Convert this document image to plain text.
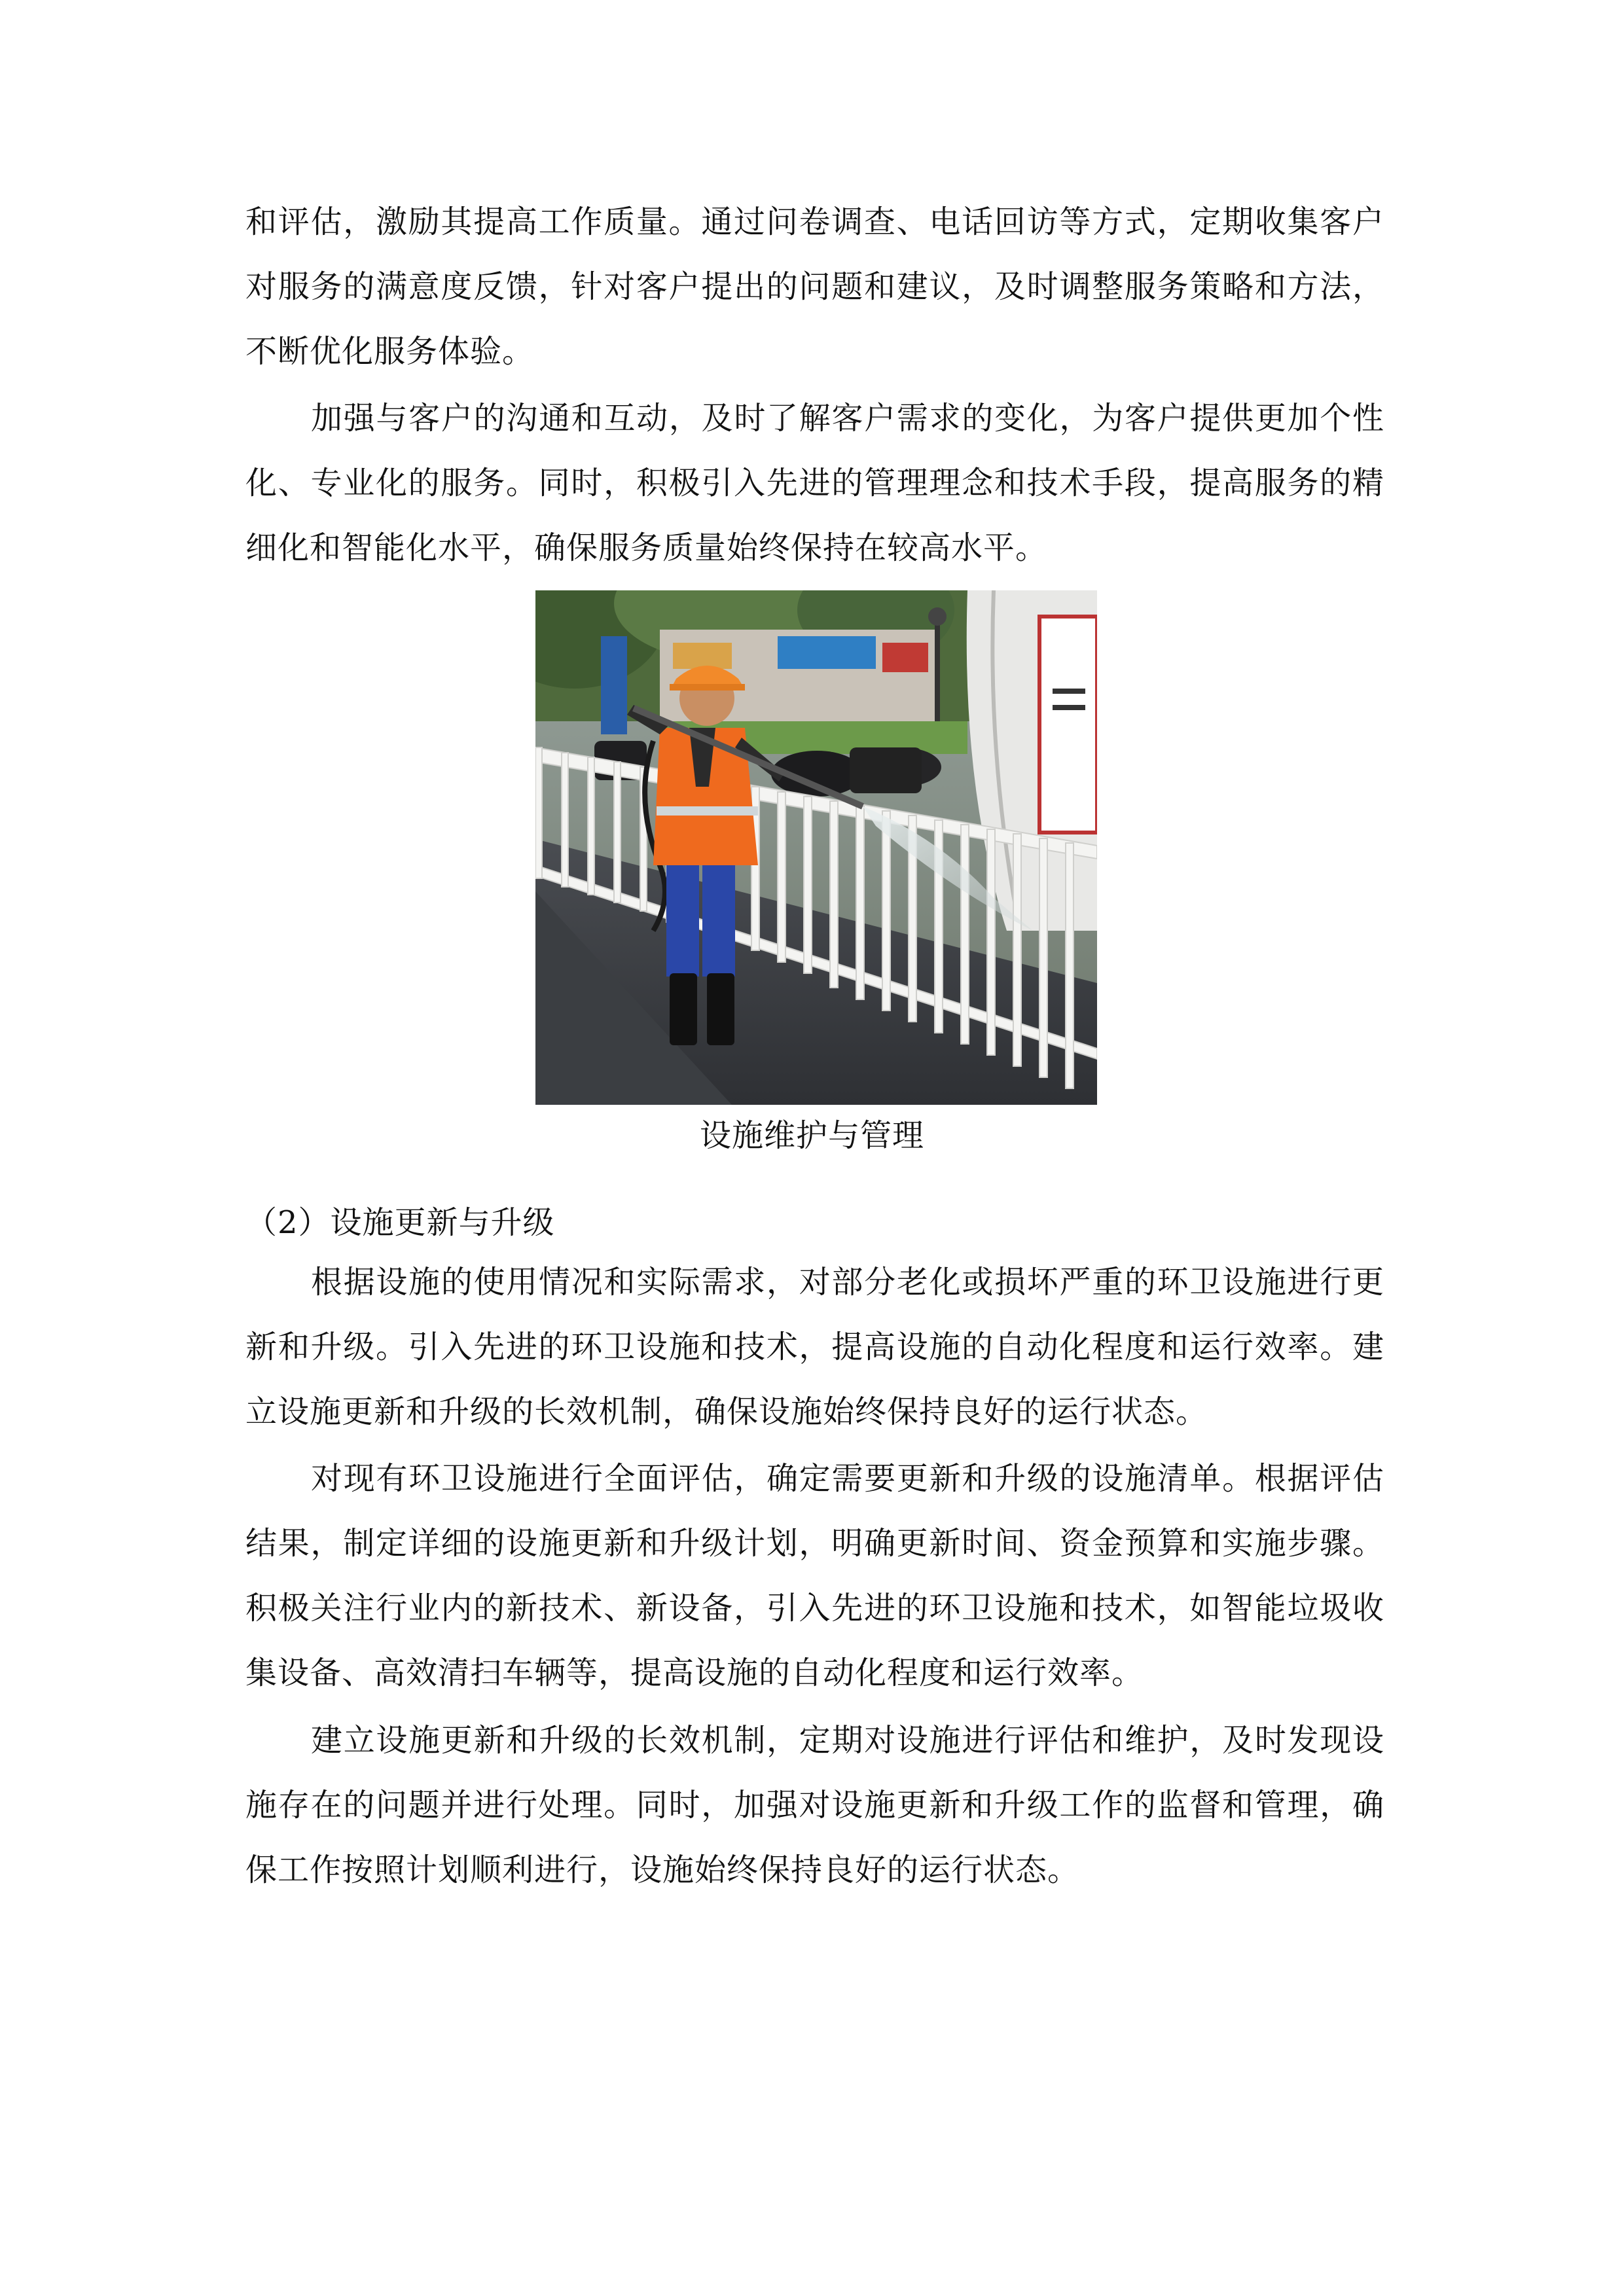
和评估，激励其提高工作质量。通过问卷调查、电话回访等方式，定期收集客户对服务的满意度反馈，针对客户提出的问题和建议，及时调整服务策略和方法，不断优化服务体验。

加强与客户的沟通和互动，及时了解客户需求的变化，为客户提供更加个性化、专业化的服务。同时，积极引入先进的管理理念和技术手段，提高服务的精细化和智能化水平，确保服务质量始终保持在较高水平。

设施维护与管理
（2）设施更新与升级

根据设施的使用情况和实际需求，对部分老化或损坏严重的环卫设施进行更新和升级。引入先进的环卫设施和技术，提高设施的自动化程度和运行效率。建立设施更新和升级的长效机制，确保设施始终保持良好的运行状态。

对现有环卫设施进行全面评估，确定需要更新和升级的设施清单。根据评估结果，制定详细的设施更新和升级计划，明确更新时间、资金预算和实施步骤。积极关注行业内的新技术、新设备，引入先进的环卫设施和技术，如智能垃圾收集设备、高效清扫车辆等，提高设施的自动化程度和运行效率。

建立设施更新和升级的长效机制，定期对设施进行评估和维护，及时发现设施存在的问题并进行处理。同时，加强对设施更新和升级工作的监督和管理，确保工作按照计划顺利进行，设施始终保持良好的运行状态。
